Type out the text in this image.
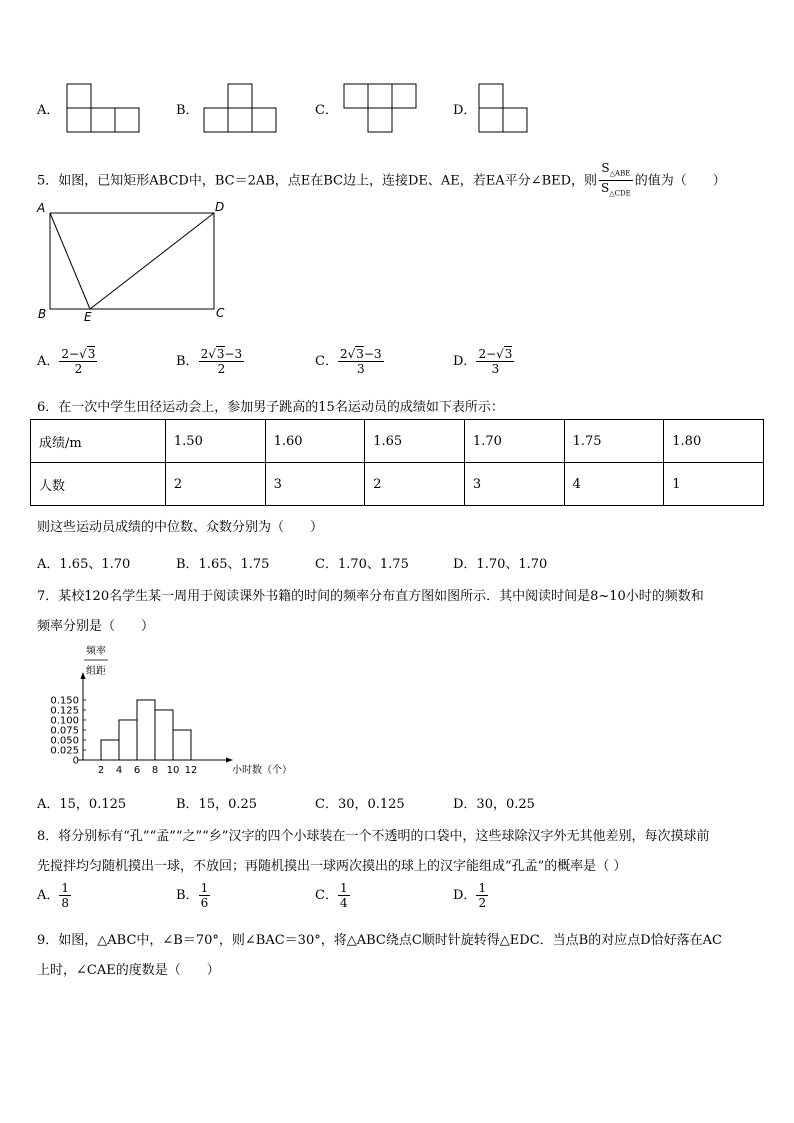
A．	B．	C．	D．
5．如图，已知矩形ABCD中，BC＝2AB，点E在BC边上，连接DE、AE，若EA平分∠BED，则 $\frac{S_{\triangle ABE}}{S_{\triangle CDE}}$ 的值为（　　）
A	D
B	E	C
A． $\frac{2-√3}{2}$	B． $\frac{2√3-3}{2}$	C． $\frac{2√3-3}{3}$	D． $\frac{2-√3}{3}$
6．在一次中学生田径运动会上，参加男子跳高的15名运动员的成绩如下表所示：
成绩/m	1.50	1.60	1.65	1.70	1.75	1.80
人数	2	3	2	3	4	1
则这些运动员成绩的中位数、众数分别为（　　）
A．1.65、1.70	B．1.65、1.75	C．1.70、1.75	D．1.70、1.70
7．某校120名学生某一周用于阅读课外书籍的时间的频率分布直方图如图所示．其中阅读时间是8~10小时的频数和
频率分别是（　　）
频率
组距
0.150
0.125
0.100
0.075
0.050
0.025
0
2 4 6 8 10 12	小时数（个）
A．15，0.125	B．15，0.25	C．30，0.125	D．30，0.25
8．将分别标有“孔”“孟”“之”“乡”汉字的四个小球装在一个不透明的口袋中，这些球除汉字外无其他差别，每次摸球前
先搅拌均匀随机摸出一球，不放回；再随机摸出一球两次摸出的球上的汉字能组成“孔孟”的概率是（ ）
A． $\frac{1}{8}$	B． $\frac{1}{6}$	C． $\frac{1}{4}$	D． $\frac{1}{2}$
9．如图，△ABC中，∠B＝70°，则∠BAC＝30°，将△ABC绕点C顺时针旋转得△EDC．当点B的对应点D恰好落在AC
上时，∠CAE的度数是（　　）
